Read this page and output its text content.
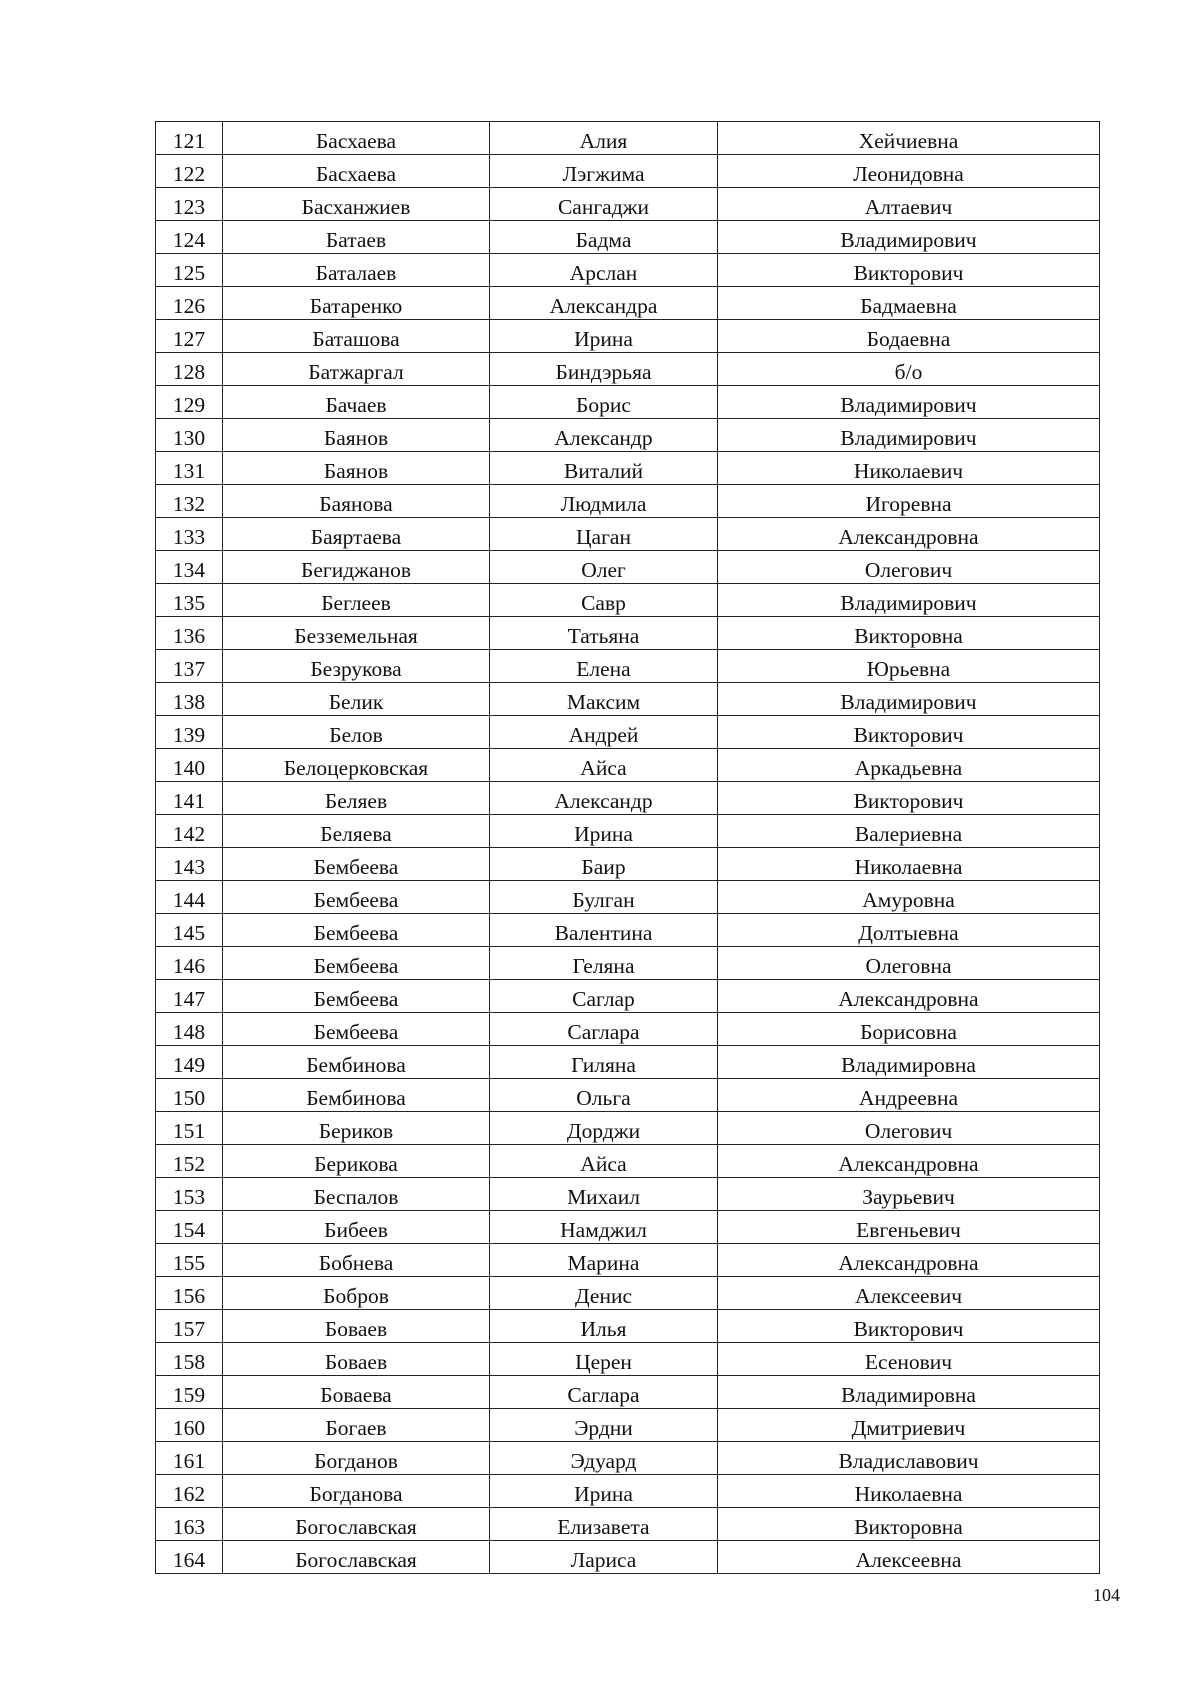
121	Басхаева	Алия	Хейчиевна
122	Басхаева	Лэгжима	Леонидовна
123	Басханжиев	Сангаджи	Алтаевич
124	Батаев	Бадма	Владимирович
125	Баталаев	Арслан	Викторович
126	Батаренко	Александра	Бадмаевна
127	Баташова	Ирина	Бодаевна
128	Батжаргал	Биндэрьяа	б/о
129	Бачаев	Борис	Владимирович
130	Баянов	Александр	Владимирович
131	Баянов	Виталий	Николаевич
132	Баянова	Людмила	Игоревна
133	Баяртаева	Цаган	Александровна
134	Бегиджанов	Олег	Олегович
135	Беглеев	Савр	Владимирович
136	Безземельная	Татьяна	Викторовна
137	Безрукова	Елена	Юрьевна
138	Белик	Максим	Владимирович
139	Белов	Андрей	Викторович
140	Белоцерковская	Айса	Аркадьевна
141	Беляев	Александр	Викторович
142	Беляева	Ирина	Валериевна
143	Бембеева	Баир	Николаевна
144	Бембеева	Булган	Амуровна
145	Бембеева	Валентина	Долтыевна
146	Бембеева	Геляна	Олеговна
147	Бембеева	Саглар	Александровна
148	Бембеева	Саглара	Борисовна
149	Бембинова	Гиляна	Владимировна
150	Бембинова	Ольга	Андреевна
151	Бериков	Дорджи	Олегович
152	Берикова	Айса	Александровна
153	Беспалов	Михаил	Заурьевич
154	Бибеев	Намджил	Евгеньевич
155	Бобнева	Марина	Александровна
156	Бобров	Денис	Алексеевич
157	Боваев	Илья	Викторович
158	Боваев	Церен	Есенович
159	Боваева	Саглара	Владимировна
160	Богаев	Эрдни	Дмитриевич
161	Богданов	Эдуард	Владиславович
162	Богданова	Ирина	Николаевна
163	Богославская	Елизавета	Викторовна
164	Богославская	Лариса	Алексеевна
104
